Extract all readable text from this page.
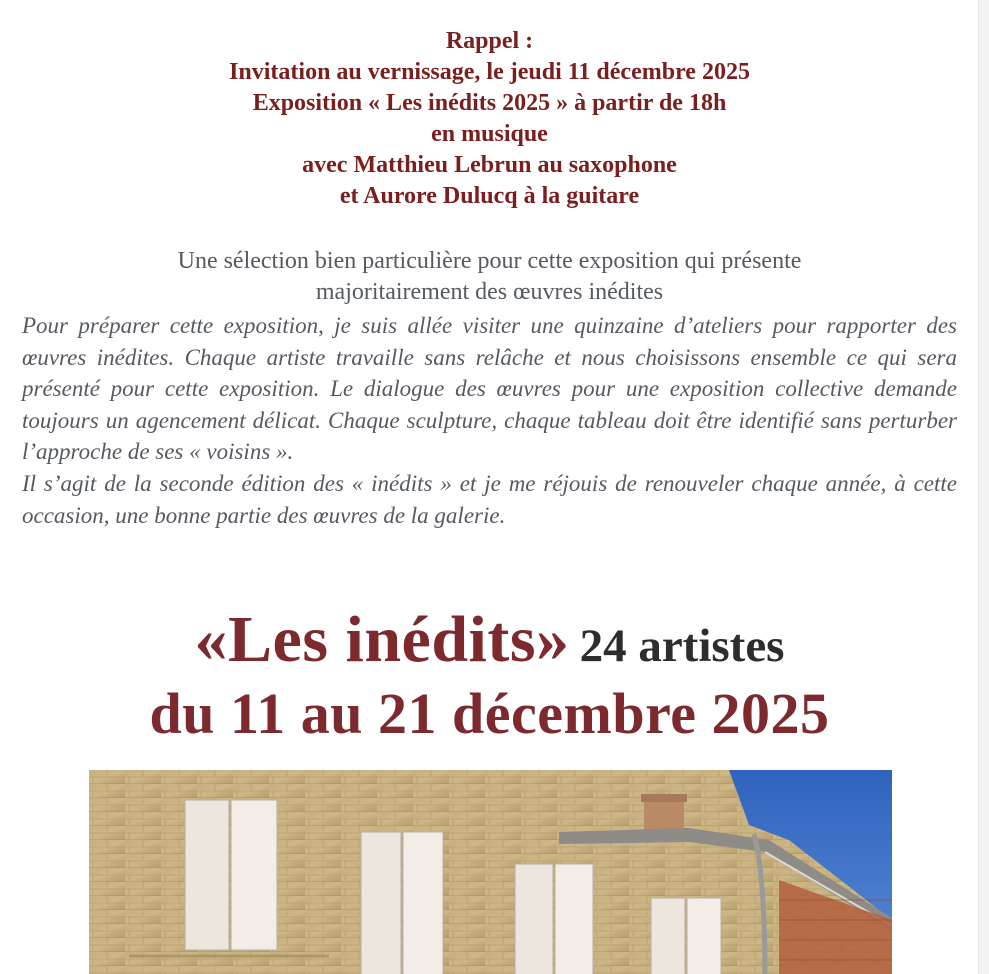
Rappel :
Invitation au vernissage, le jeudi 11 décembre 2025
Exposition « Les inédits 2025 » à partir de 18h
en musique
avec Matthieu Lebrun au saxophone
et Aurore Dulucq à la guitare
Une sélection bien particulière pour cette exposition qui présente
majoritairement des œuvres inédites

Pour préparer cette exposition, je suis allée visiter une quinzaine d’ateliers pour rapporter des œuvres inédites. Chaque artiste travaille sans relâche et nous choisissons ensemble ce qui sera présenté pour cette exposition. Le dialogue des œuvres pour une exposition collective demande toujours un agencement délicat. Chaque sculpture, chaque tableau doit être identifié sans perturber l’approche de ses « voisins ».

Il s’agit de la seconde édition des « inédits » et je me réjouis de renouveler chaque année, à cette occasion, une bonne partie des œuvres de la galerie.

«Les inédits» 24 artistes
du 11 au 21 décembre 2025
